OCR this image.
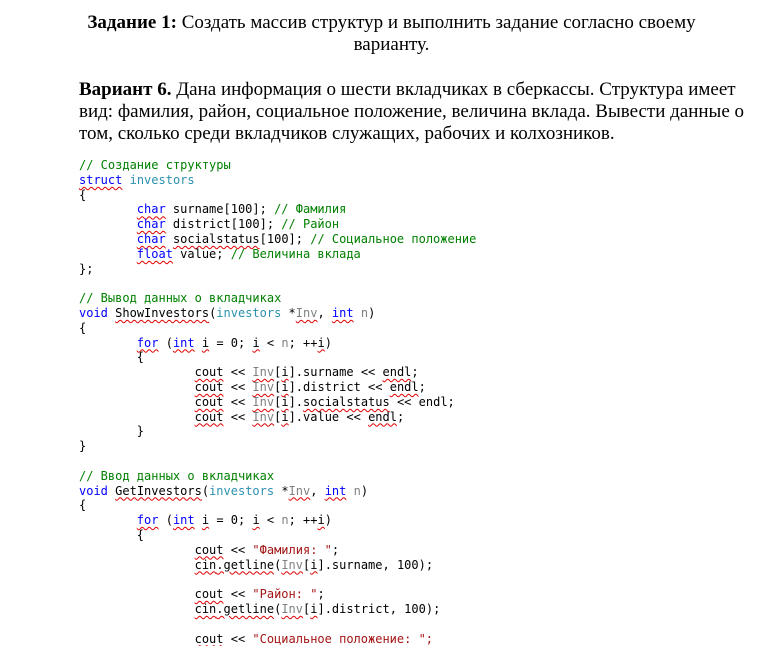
Задание 1: Создать массив структур и выполнить задание согласно своему
варианту.
Вариант 6. Дана информация о шести вкладчиках в сберкассы. Структура имеет вид: фамилия, район, социальное положение, величина вклада. Вывести данные о том, сколько среди вкладчиков служащих, рабочих и колхозников.
// Создание структуры
struct investors
{
char surname[100]; // Фамилия
char district[100]; // Район
char socialstatus[100]; // Социальное положение
float value; // Величина вклада
};
// Вывод данных о вкладчиках
void ShowInvestors(investors *Inv, int n)
{
for (int i = 0; i < n; ++i)
{
cout << Inv[i].surname << endl;
cout << Inv[i].district << endl;
cout << Inv[i].socialstatus << endl;
cout << Inv[i].value << endl;
}
}
// Ввод данных о вкладчиках
void GetInvestors(investors *Inv, int n)
{
for (int i = 0; i < n; ++i)
{
cout << "Фамилия: ";
cin.getline(Inv[i].surname, 100);
cout << "Район: ";
cin.getline(Inv[i].district, 100);
cout << "Социальное положение: ";
